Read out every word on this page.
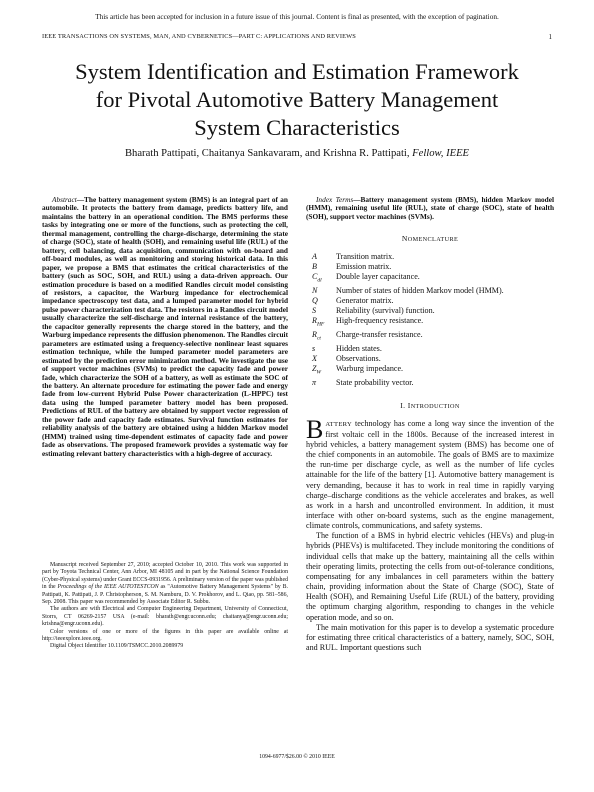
This article has been accepted for inclusion in a future issue of this journal. Content is final as presented, with the exception of pagination.
IEEE TRANSACTIONS ON SYSTEMS, MAN, AND CYBERNETICS—PART C: APPLICATIONS AND REVIEWS	1
System Identification and Estimation Framework
for Pivotal Automotive Battery Management
System Characteristics
Bharath Pattipati, Chaitanya Sankavaram, and Krishna R. Pattipati, Fellow, IEEE

Abstract—The battery management system (BMS) is an integral part of an automobile. It protects the battery from damage, predicts battery life, and maintains the battery in an operational condition. The BMS performs these tasks by integrating one or more of the functions, such as protecting the cell, thermal management, controlling the charge-discharge, determining the state of charge (SOC), state of health (SOH), and remaining useful life (RUL) of the battery, cell balancing, data acquisition, communication with on-board and off-board modules, as well as monitoring and storing historical data. In this paper, we propose a BMS that estimates the critical characteristics of the battery (such as SOC, SOH, and RUL) using a data-driven approach. Our estimation procedure is based on a modified Randles circuit model consisting of resistors, a capacitor, the Warburg impedance for electrochemical impedance spectroscopy test data, and a lumped parameter model for hybrid pulse power characterization test data. The resistors in a Randles circuit model usually characterize the self-discharge and internal resistance of the battery, the capacitor generally represents the charge stored in the battery, and the Warburg impedance represents the diffusion phenomenon. The Randles circuit parameters are estimated using a frequency-selective nonlinear least squares estimation technique, while the lumped parameter model parameters are estimated by the prediction error minimization method. We investigate the use of support vector machines (SVMs) to predict the capacity fade and power fade, which characterize the SOH of a battery, as well as estimate the SOC of the battery. An alternate procedure for estimating the power fade and energy fade from low-current Hybrid Pulse Power characterization (L-HPPC) test data using the lumped parameter battery model has been proposed. Predictions of RUL of the battery are obtained by support vector regression of the power fade and capacity fade estimates. Survival function estimates for reliability analysis of the battery are obtained using a hidden Markov model (HMM) trained using time-dependent estimates of capacity fade and power fade as observations. The proposed framework provides a systematic way for estimating relevant battery characteristics with a high-degree of accuracy.

Manuscript received September 27, 2010; accepted October 10, 2010. This work was supported in part by Toyota Technical Center, Ann Arbor, MI 48105 and in part by the National Science Foundation (Cyber-Physical systems) under Grant ECCS-0931956. A preliminary version of the paper was published in the Proceedings of the IEEE AUTOTESTCON as "Automotive Battery Management Systems" by B. Pattipati, K. Pattipati, J. P. Christopherson, S. M. Namburu, D. V. Prokhorov, and L. Qiao, pp. 581–586, Sep. 2008. This paper was recommended by Associate Editor R. Subbu.

The authors are with Electrical and Computer Engineering Department, University of Connecticut, Storrs, CT 06269-2157 USA (e-mail: bharath@engr.uconn.edu; chaitanya@engr.uconn.edu; krishna@engr.uconn.edu).

Color versions of one or more of the figures in this paper are available online at http://ieeexplore.ieee.org.

Digital Object Identifier 10.1109/TSMCC.2010.2089979

Index Terms—Battery management system (BMS), hidden Markov model (HMM), remaining useful life (RUL), state of charge (SOC), state of health (SOH), support vector machines (SVMs).

NOMENCLATURE
A	Transition matrix.
B	Emission matrix.
$C_{dl}$	Double layer capacitance.
N	Number of states of hidden Markov model (HMM).
Q	Generator matrix.
S	Reliability (survival) function.
$R_{HF}$	High-frequency resistance.
$R_{ct}$	Charge-transfer resistance.
s	Hidden states.
X	Observations.
$Z_W$	Warburg impedance.
π	State probability vector.
I. INTRODUCTION

BATTERY technology has come a long way since the invention of the first voltaic cell in the 1800s. Because of the increased interest in hybrid vehicles, a battery management system (BMS) has become one of the chief components in an automobile. The goals of BMS are to maximize the run-time per discharge cycle, as well as the number of life cycles attainable for the life of the battery [1]. Automotive battery management is very demanding, because it has to work in real time in rapidly varying charge–discharge conditions as the vehicle accelerates and brakes, as well as work in a harsh and uncontrolled environment. In addition, it must interface with other on-board systems, such as the engine management, climate controls, communications, and safety systems.

The function of a BMS in hybrid electric vehicles (HEVs) and plug-in hybrids (PHEVs) is multifaceted. They include monitoring the conditions of individual cells that make up the battery, maintaining all the cells within their operating limits, protecting the cells from out-of-tolerance conditions, compensating for any imbalances in cell parameters within the battery chain, providing information about the State of Charge (SOC), State of Health (SOH), and Remaining Useful Life (RUL) of the battery, providing the optimum charging algorithm, responding to changes in the vehicle operation mode, and so on.

The main motivation for this paper is to develop a systematic procedure for estimating three critical characteristics of a battery, namely, SOC, SOH, and RUL. Important questions such

1094-6977/$26.00 © 2010 IEEE
